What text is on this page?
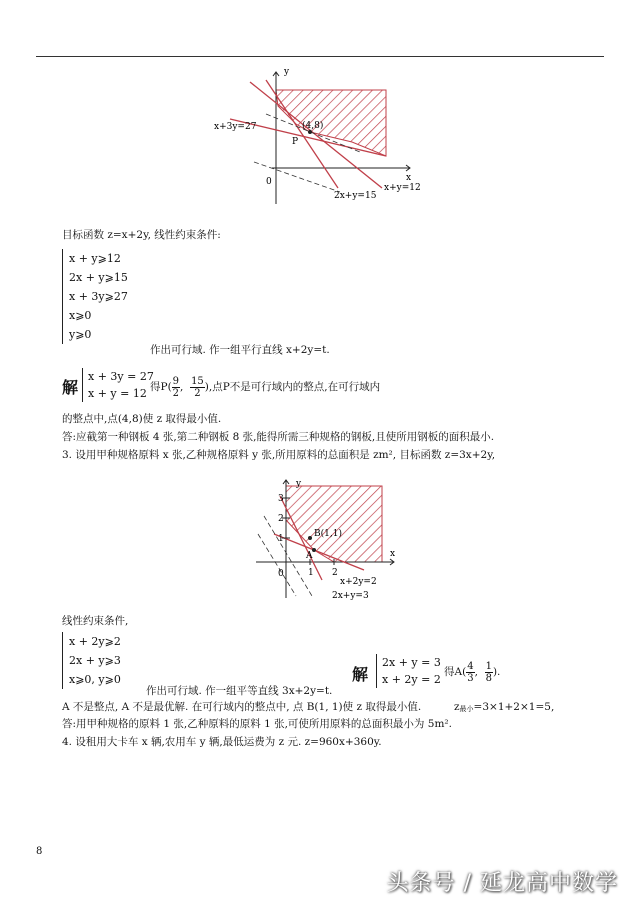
y
x
0
x+3y=27
2x+y=15
x+y=12
(4,8)
P
目标函数 z=x+2y, 线性约束条件:
x + y⩾12
2x + y⩾15
x + 3y⩾27
x⩾0
y⩾0
作出可行域. 作一组平行直线 x+2y=t.
解
x + 3y = 27
x + y = 12 得$P( \frac{9}{2}$ , $\frac{15}{2}$ ),点P不是可行域内的整点,在可行域内
的整点中,点(4,8)使 z 取得最小值.
答:应截第一种钢板 4 张,第二种钢板 8 张,能得所需三种规格的钢板,且使所用钢板的面积最小.
3. 设用甲种规格原料 x 张,乙种规格原料 y 张,所用原料的总面积是 zm², 目标函数 z=3x+2y,
y
x
0
3
2
1
1 2
B(1,1)
A
x+2y=2
2x+y=3
线性约束条件,
x + 2y⩾2
2x + y⩾3
x⩾0, y⩾0
作出可行域. 作一组平等直线 3x+2y=t.
解
2x + y = 3
x + 2y = 2
得$A( \frac{4}{3}$ , $\frac{1}{8}$ ).
A 不是整点, A 不是最优解. 在可行域内的整点中, 点 B(1, 1)使 z 取得最小值.	z最小=3×1+2×1=5,
答:用甲种规格的原料 1 张,乙种原料的原料 1 张,可使所用原料的总面积最小为 5m².
4. 设租用大卡车 x 辆,农用车 y 辆,最低运费为 z 元. z=960x+360y.
8
头条号 / 延龙高中数学
